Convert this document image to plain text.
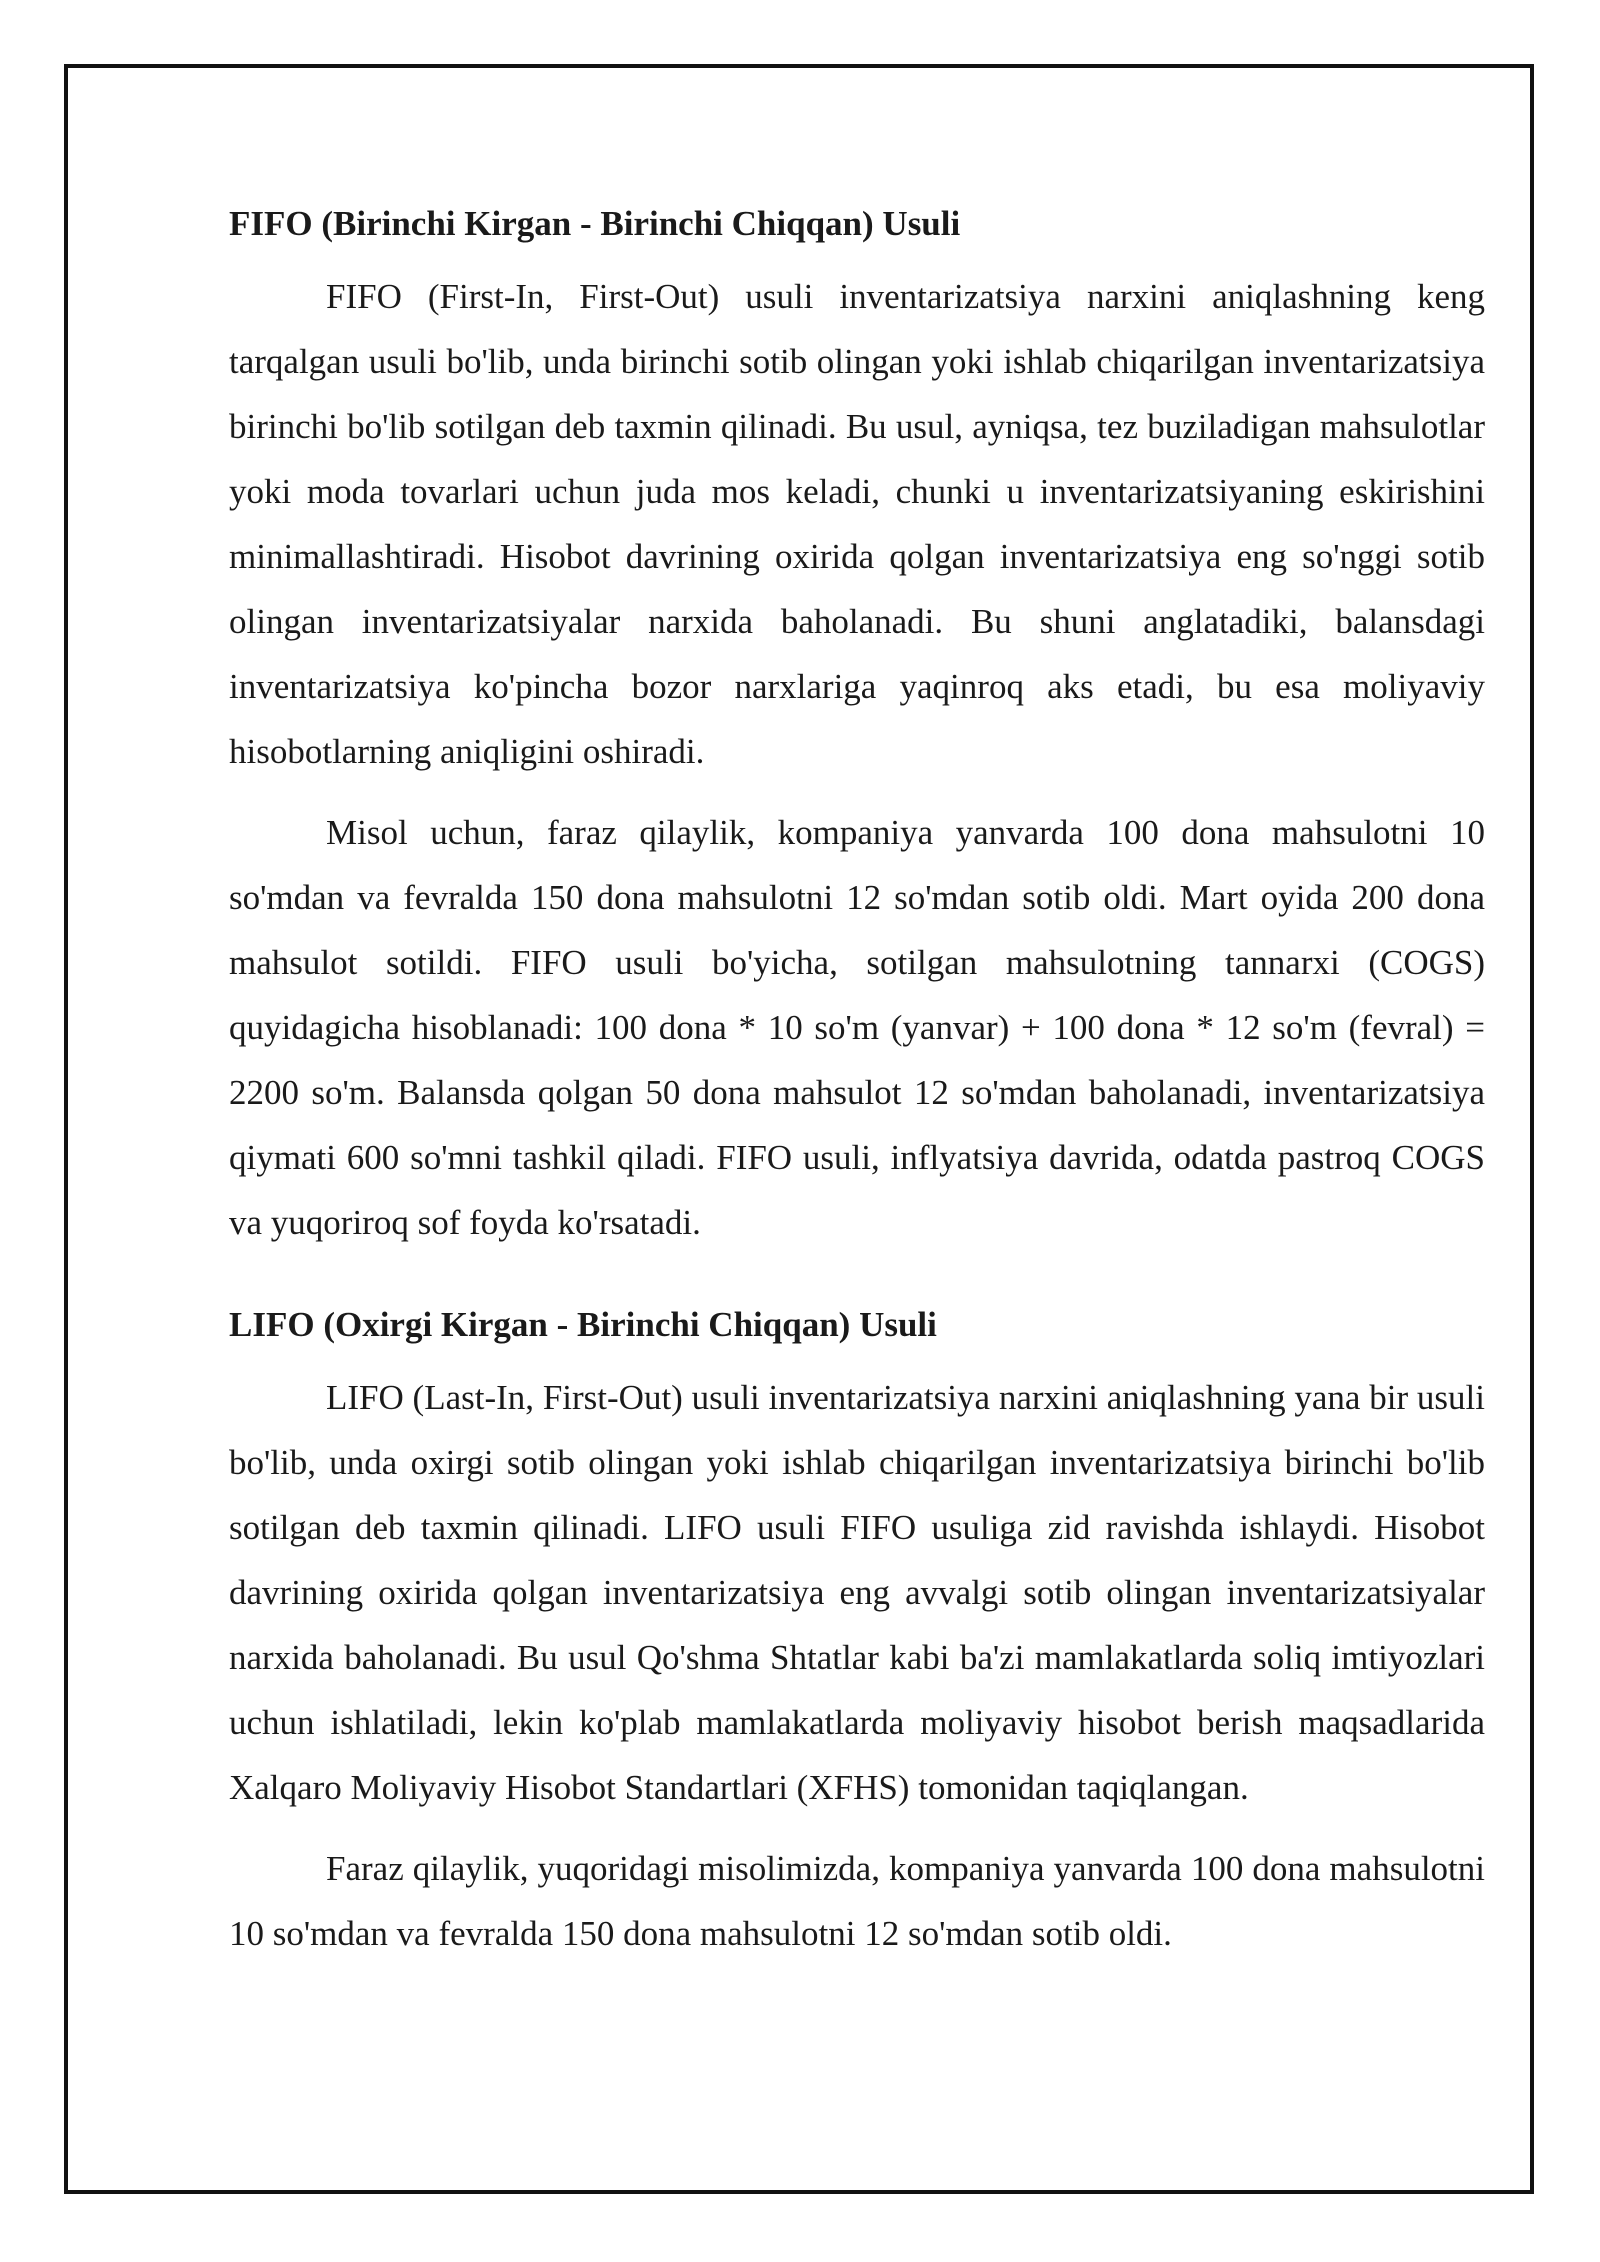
FIFO (Birinchi Kirgan - Birinchi Chiqqan) Usuli

FIFO (First-In, First-Out) usuli inventarizatsiya narxini aniqlashning keng tarqalgan usuli bo'lib, unda birinchi sotib olingan yoki ishlab chiqarilgan inventarizatsiya birinchi bo'lib sotilgan deb taxmin qilinadi. Bu usul, ayniqsa, tez buziladigan mahsulotlar yoki moda tovarlari uchun juda mos keladi, chunki u inventarizatsiyaning eskirishini minimallashtiradi. Hisobot davrining oxirida qolgan inventarizatsiya eng so'nggi sotib olingan inventarizatsiyalar narxida baholanadi. Bu shuni anglatadiki, balansdagi inventarizatsiya ko'pincha bozor narxlariga yaqinroq aks etadi, bu esa moliyaviy hisobotlarning aniqligini oshiradi.

Misol uchun, faraz qilaylik, kompaniya yanvarda 100 dona mahsulotni 10 so'mdan va fevralda 150 dona mahsulotni 12 so'mdan sotib oldi. Mart oyida 200 dona mahsulot sotildi. FIFO usuli bo'yicha, sotilgan mahsulotning tannarxi (COGS) quyidagicha hisoblanadi: 100 dona * 10 so'm (yanvar) + 100 dona * 12 so'm (fevral) = 2200 so'm. Balansda qolgan 50 dona mahsulot 12 so'mdan baholanadi, inventarizatsiya qiymati 600 so'mni tashkil qiladi. FIFO usuli, inflyatsiya davrida, odatda pastroq COGS va yuqoriroq sof foyda ko'rsatadi.

LIFO (Oxirgi Kirgan - Birinchi Chiqqan) Usuli

LIFO (Last-In, First-Out) usuli inventarizatsiya narxini aniqlashning yana bir usuli bo'lib, unda oxirgi sotib olingan yoki ishlab chiqarilgan inventarizatsiya birinchi bo'lib sotilgan deb taxmin qilinadi. LIFO usuli FIFO usuliga zid ravishda ishlaydi. Hisobot davrining oxirida qolgan inventarizatsiya eng avvalgi sotib olingan inventarizatsiyalar narxida baholanadi. Bu usul Qo'shma Shtatlar kabi ba'zi mamlakatlarda soliq imtiyozlari uchun ishlatiladi, lekin ko'plab mamlakatlarda moliyaviy hisobot berish maqsadlarida Xalqaro Moliyaviy Hisobot Standartlari (XFHS) tomonidan taqiqlangan.

Faraz qilaylik, yuqoridagi misolimizda, kompaniya yanvarda 100 dona mahsulotni 10 so'mdan va fevralda 150 dona mahsulotni 12 so'mdan sotib oldi.
